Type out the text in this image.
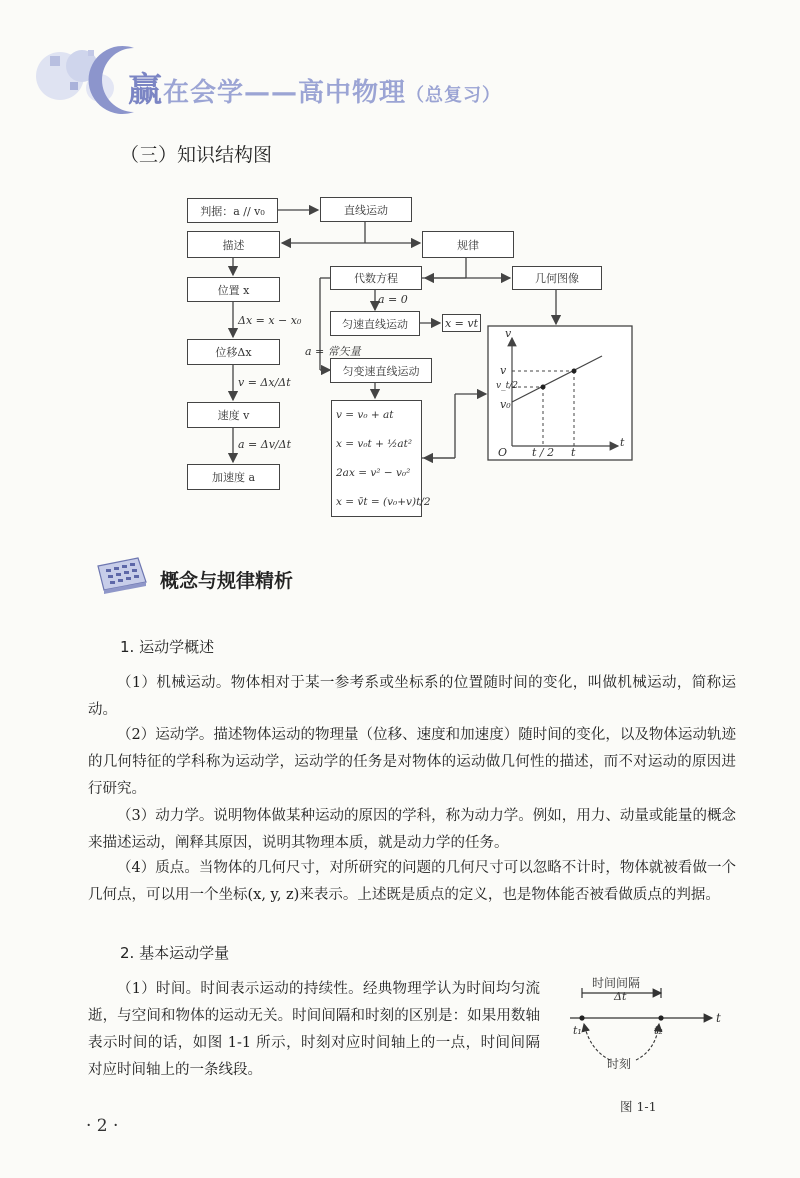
赢在会学——高中物理（总复习）
（三）知识结构图
判据：a // v₀	直线运动
描述	规律
代数方程	几何图像
位置 x
Δx = x − x₀
a = 0
匀速直线运动	x = vt
a = 常矢量
位移Δx
匀变速直线运动
v = Δx/Δt
速度 v
a = Δv/Δt
加速度 a
v = v₀ + at
x = v₀t + ½at²
2ax = v² − v₀²
x = v̄t = (v₀+v)t/2
v
t
O
v
v_t/2
v₀
t / 2 t
概念与规律精析
1. 运动学概述
（1）机械运动。物体相对于某一参考系或坐标系的位置随时间的变化，叫做机械运动，简称运动。
（2）运动学。描述物体运动的物理量（位移、速度和加速度）随时间的变化，以及物体运动轨迹的几何特征的学科称为运动学，运动学的任务是对物体的运动做几何性的描述，而不对运动的原因进行研究。
（3）动力学。说明物体做某种运动的原因的学科，称为动力学。例如，用力、动量或能量的概念来描述运动，阐释其原因，说明其物理本质，就是动力学的任务。
（4）质点。当物体的几何尺寸，对所研究的问题的几何尺寸可以忽略不计时，物体就被看做一个几何点，可以用一个坐标(x, y, z)来表示。上述既是质点的定义，也是物体能否被看做质点的判据。
2. 基本运动学量
（1）时间。时间表示运动的持续性。经典物理学认为时间均匀流逝，与空间和物体的运动无关。时间间隔和时刻的区别是：如果用数轴表示时间的话，如图 1-1 所示，时刻对应时间轴上的一点，时间间隔对应时间轴上的一条线段。
时间间隔
Δt
t₁	t₂
t
时刻
图 1-1
· 2 ·
